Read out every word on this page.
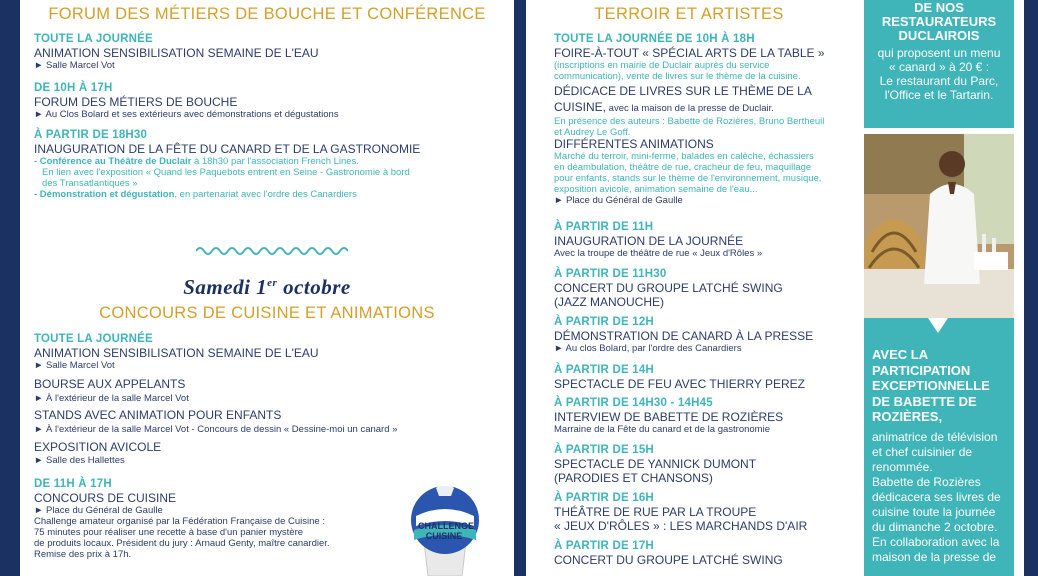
FORUM DES MÉTIERS DE BOUCHE ET CONFÉRENCE
TOUTE LA JOURNÉE
ANIMATION SENSIBILISATION SEMAINE DE L'EAU
► Salle Marcel Vot
DE 10H À 17H
FORUM DES MÉTIERS DE BOUCHE
► Au Clos Bolard et ses extérieurs avec démonstrations et dégustations
À PARTIR DE 18H30
INAUGURATION DE LA FÊTE DU CANARD ET DE LA GASTRONOMIE
- Conférence au Théâtre de Duclair à 18h30 par l'association French Lines.
En lien avec l'exposition « Quand les Paquebots entrent en Seine - Gastronomie à bord
des Transatlantiques »
- Démonstration et dégustation, en partenariat avec l'ordre des Canardiers
Samedi 1er octobre
CONCOURS DE CUISINE ET ANIMATIONS
TOUTE LA JOURNÉE
ANIMATION SENSIBILISATION SEMAINE DE L'EAU
► Salle Marcel Vot
BOURSE AUX APPELANTS
► À l'extérieur de la salle Marcel Vot
STANDS AVEC ANIMATION POUR ENFANTS
► À l'extérieur de la salle Marcel Vot - Concours de dessin « Dessine-moi un canard »
EXPOSITION AVICOLE
► Salle des Hallettes
DE 11H À 17H
CONCOURS DE CUISINE
► Place du Général de Gaulle
Challenge amateur organisé par la Fédération Française de Cuisine :
75 minutes pour réaliser une recette à base d'un panier mystère
de produits locaux. Président du jury : Arnaud Genty, maître canardier.
Remise des prix à 17h.
CHALLENGE CUISINE
TERROIR ET ARTISTES
TOUTE LA JOURNÉE DE 10H À 18H
FOIRE-À-TOUT « SPÉCIAL ARTS DE LA TABLE »
(inscriptions en mairie de Duclair auprès du service
communication), vente de livres sur le thème de la cuisine.
DÉDICACE DE LIVRES SUR LE THÈME DE LA
CUISINE, avec la maison de la presse de Duclair.
En présence des auteurs : Babette de Rozières, Bruno Bertheuil
et Audrey Le Goff.
DIFFÉRENTES ANIMATIONS
Marché du terroir, mini-ferme, balades en calèche, échassiers
en déambulation, théâtre de rue, cracheur de feu, maquillage
pour enfants, stands sur le thème de l'environnement, musique,
exposition avicole, animation semaine de l'eau...
► Place du Général de Gaulle
À PARTIR DE 11H
INAUGURATION DE LA JOURNÉE
Avec la troupe de théâtre de rue « Jeux d'Rôles »
À PARTIR DE 11H30
CONCERT DU GROUPE LATCHÉ SWING
(JAZZ MANOUCHE)
À PARTIR DE 12H
DÉMONSTRATION DE CANARD À LA PRESSE
► Au clos Bolard, par l'ordre des Canardiers
À PARTIR DE 14H
SPECTACLE DE FEU AVEC THIERRY PEREZ
À PARTIR DE 14H30 - 14H45
INTERVIEW DE BABETTE DE ROZIÈRES
Marraine de la Fête du canard et de la gastronomie
À PARTIR DE 15H
SPECTACLE DE YANNICK DUMONT
(PARODIES ET CHANSONS)
À PARTIR DE 16H
THÉÂTRE DE RUE PAR LA TROUPE
« JEUX D'RÔLES » : LES MARCHANDS D'AIR
À PARTIR DE 17H
CONCERT DU GROUPE LATCHÉ SWING
DE NOS
RESTAURATEURS
DUCLAIROIS
qui proposent un menu
« canard » à 20 € :
Le restaurant du Parc,
l'Office et le Tartarin.
AVEC LA
PARTICIPATION
EXCEPTIONNELLE
DE BABETTE DE
ROZIÈRES,
animatrice de télévision
et chef cuisinier de
renommée.
Babette de Rozières
dédicacera ses livres de
cuisine toute la journée
du dimanche 2 octobre.
En collaboration avec la
maison de la presse de
